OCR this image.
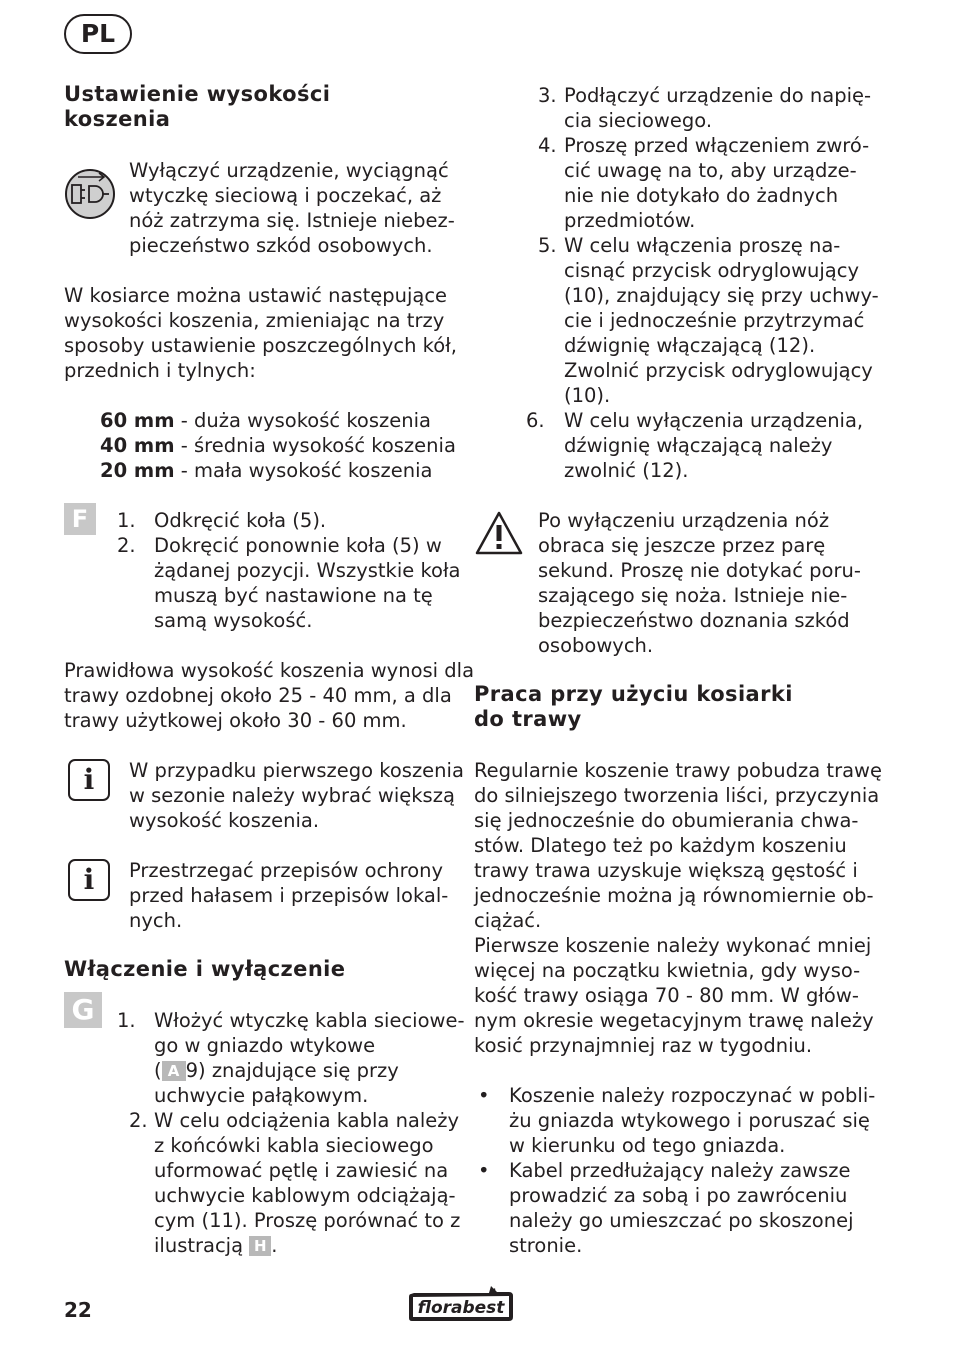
PL
Ustawienie wysokości
koszenia
Wyłączyć urządzenie, wyciągnąć
wtyczkę sieciową i poczekać, aż
nóż zatrzyma się. Istnieje niebez-
pieczeństwo szkód osobowych.
W kosiarce można ustawić następujące
wysokości koszenia, zmieniając na trzy
sposoby ustawienie poszczególnych kół,
przednich i tylnych:
60 mm - duża wysokość koszenia
40 mm - średnia wysokość koszenia
20 mm - mała wysokość koszenia
F	1. Odkręcić koła (5).
2. Dokręcić ponownie koła (5) w
żądanej pozycji. Wszystkie koła
muszą być nastawione na tę
samą wysokość.
Prawidłowa wysokość koszenia wynosi dla
trawy ozdobnej około 25 - 40 mm, a dla
trawy użytkowej około 30 - 60 mm.
i	W przypadku pierwszego koszenia
w sezonie należy wybrać większą
wysokość koszenia.
i	Przestrzegać przepisów ochrony
przed hałasem i przepisów lokal-
nych.
Włączenie i wyłączenie
G	1. Włożyć wtyczkę kabla sieciowe-
go w gniazdo wtykowe
( A 9) znajdujące się przy
uchwycie pałąkowym.
2. W celu odciążenia kabla należy
z końcówki kabla sieciowego
uformować pętlę i zawiesić na
uchwycie kablowym odciążają-
cym (11). Proszę porównać to z
ilustracją H .
3. Podłączyć urządzenie do napię-
cia sieciowego.
4. Proszę przed włączeniem zwró-
cić uwagę na to, aby urządze-
nie nie dotykało do żadnych
przedmiotów.
5. W celu włączenia proszę na-
cisnąć przycisk odryglowujący
(10), znajdujący się przy uchwy-
cie i jednocześnie przytrzymać
dźwignię włączającą (12).
Zwolnić przycisk odryglowujący
(10).
6. W celu wyłączenia urządzenia,
dźwignię włączającą należy
zwolnić (12).
Po wyłączeniu urządzenia nóż
obraca się jeszcze przez parę
sekund. Proszę nie dotykać poru-
szającego się noża. Istnieje nie-
bezpieczeństwo doznania szkód
osobowych.
Praca przy użyciu kosiarki
do trawy
Regularnie koszenie trawy pobudza trawę
do silniejszego tworzenia liści, przyczynia
się jednocześnie do obumierania chwa-
stów. Dlatego też po każdym koszeniu
trawy trawa uzyskuje większą gęstość i
jednocześnie można ją równomiernie ob-
ciążać.
Pierwsze koszenie należy wykonać mniej
więcej na początku kwietnia, gdy wyso-
kość trawy osiąga 70 - 80 mm. W głów-
nym okresie wegetacyjnym trawę należy
kosić przynajmniej raz w tygodniu.
• Koszenie należy rozpoczynać w pobli-
żu gniazda wtykowego i poruszać się
w kierunku od tego gniazda.
• Kabel przedłużający należy zawsze
prowadzić za sobą i po zawróceniu
należy go umieszczać po skoszonej
stronie.
22	florabest
